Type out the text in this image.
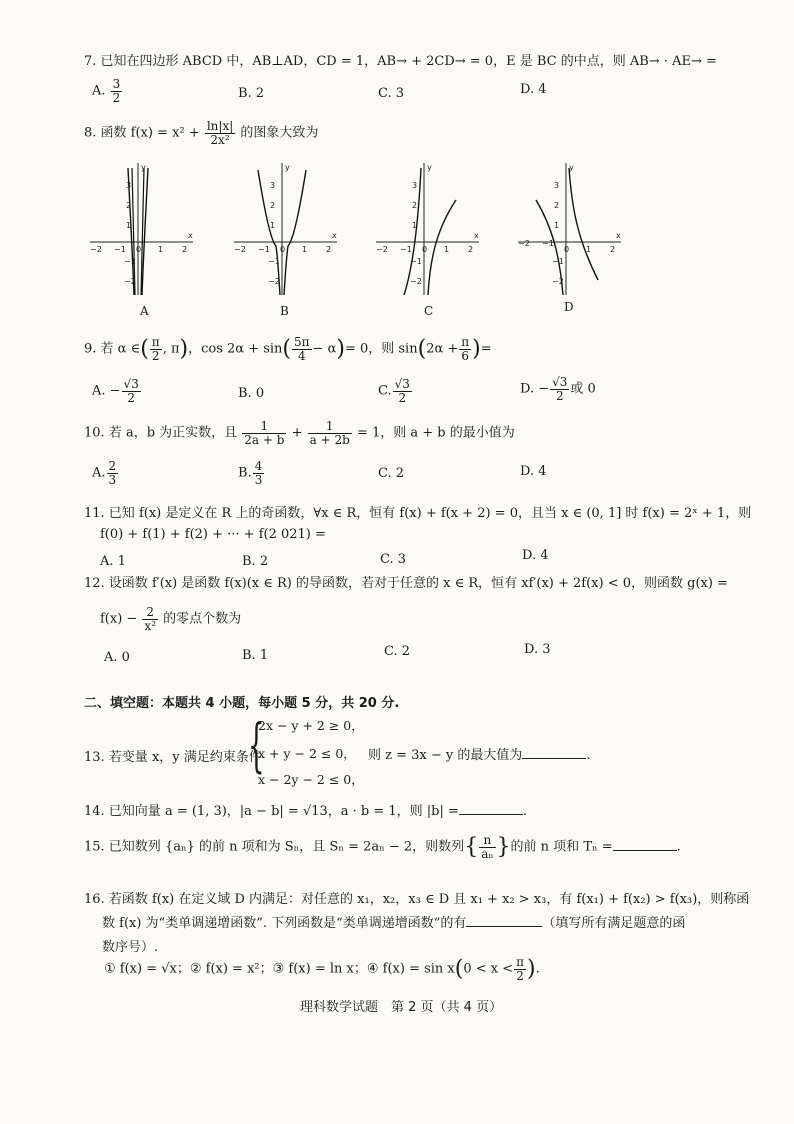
7. 已知在四边形 ABCD 中，AB⊥AD，CD = 1，AB→ + 2CD→ = 0，E 是 BC 的中点，则 AB→ · AE→ =
A. $\frac{3}{2}$	B. 2	C. 3	D. 4
8. 函数 $f(x) = x^2 + \frac{\ln|x|}{\text{2x²}}$ 的图象大致为
−2 −1 0 1 2
3
2
1
−1
−2
x
y
A
−2 −1 0 1 2
3
2
1
−1
−2
x
y
B
−2 −1 0 1 2
3
2
1
−1
−2
x
y
C
−2 −1
0 1 2
3
2
1
−1
−2
x
y
D
9. 若 α ∈( $\frac{\pi}{2}$ , π)，$\cos 2\alpha + \sin( \frac{5\pi}{4} - \alpha)= 0$，则 $\sin(2\alpha + \frac{\pi}{6}$ )=
A. − $\frac{√3}{2}$	B. 0	C. $\frac{√3}{2}$	D. − $\frac{√3}{2}$ 或 0
10. 若 a，b 为正实数，且 $\frac{1}{2a + b} + \frac{1}{a + 2b} = 1$，则 a + b 的最小值为
A. $\frac{2}{3}$	B. $\frac{4}{3}$	C. 2	D. 4
11. 已知 f(x) 是定义在 R 上的奇函数，∀x ∈ R，恒有 f(x) + f(x + 2) = 0，且当 x ∈ (0, 1] 时 f(x) = 2ˣ + 1，则
f(0) + f(1) + f(2) + ··· + f(2 021) =
A. 1	B. 2	C. 3	D. 4
12. 设函数 f′(x) 是函数 f(x)(x ∈ R) 的导函数，若对于任意的 x ∈ R，恒有 xf′(x) + 2f(x) < 0，则函数 g(x) =
$f(x) - \frac{2}{\text{x²}}$ 的零点个数为
A. 0	B. 1	C. 2	D. 3
二、填空题：本题共 4 小题，每小题 5 分，共 20 分.
13. 若变量 x，y 满足约束条件
{
2x − y + 2 ≥ 0，
x + y − 2 ≤ 0，
x − 2y − 2 ≤ 0，
则 z = 3x − y 的最大值为	.
14. 已知向量 a = (1, 3)，|a − b| = √13，a · b = 1，则 |b| =	.
15. 已知数列 {aₙ} 的前 n 项和为 Sₙ，且 Sₙ = 2aₙ − 2，则数列{ $\frac{n}{\text{aₙ}}$ }的前 n 项和 Tₙ =	.
16. 若函数 f(x) 在定义域 D 内满足：对任意的 x₁，x₂，x₃ ∈ D 且 x₁ + x₂ > x₃，有 f(x₁) + f(x₂) > f(x₃)，则称函
数 f(x) 为“类单调递增函数”. 下列函数是“类单调递增函数”的有	（填写所有满足题意的函
数序号）.
① f(x) = √x；② f(x) = x²；③ f(x) = ln x；④ $f(x) = \sin x(0 < x < \frac{\pi}{2}$ ).
理科数学试题　第 2 页（共 4 页）
